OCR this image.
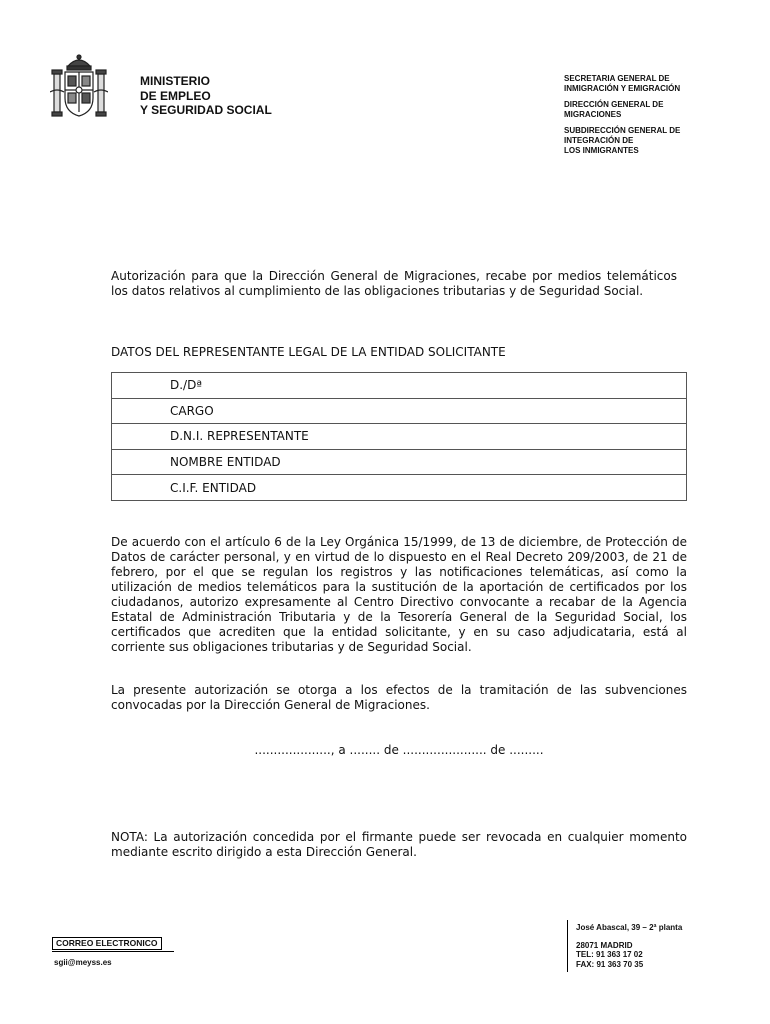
MINISTERIO
DE EMPLEO
Y SEGURIDAD SOCIAL
SECRETARIA GENERAL DE
INMIGRACIÓN Y EMIGRACIÓN
DIRECCIÓN GENERAL DE
MIGRACIONES
SUBDIRECCIÓN GENERAL DE
INTEGRACIÓN DE
LOS INMIGRANTES
Autorización para que la Dirección General de Migraciones, recabe por medios telemáticos los datos relativos al cumplimiento de las obligaciones tributarias y de Seguridad Social.
DATOS DEL REPRESENTANTE LEGAL DE LA ENTIDAD SOLICITANTE
D./Dª
CARGO
D.N.I. REPRESENTANTE
NOMBRE ENTIDAD
C.I.F. ENTIDAD
De acuerdo con el artículo 6 de la Ley Orgánica 15/1999, de 13 de diciembre, de Protección de Datos de carácter personal, y en virtud de lo dispuesto en el Real Decreto 209/2003, de 21 de febrero, por el que se regulan los registros y las notificaciones telemáticas, así como la utilización de medios telemáticos para la sustitución de la aportación de certificados por los ciudadanos, autorizo expresamente al Centro Directivo convocante a recabar de la Agencia Estatal de Administración Tributaria y de la Tesorería General de la Seguridad Social, los certificados que acrediten que la entidad solicitante, y en su caso adjudicataria, está al corriente sus obligaciones tributarias y de Seguridad Social.
La presente autorización se otorga a los efectos de la tramitación de las subvenciones convocadas por la Dirección General de Migraciones.
...................., a ........ de ...................... de .........
NOTA: La autorización concedida por el firmante puede ser revocada en cualquier momento mediante escrito dirigido a esta Dirección General.
José Abascal, 39 – 2ª planta
28071 MADRID
TEL: 91 363 17 02
FAX: 91 363 70 35
CORREO ELECTRONICO
sgii@meyss.es
